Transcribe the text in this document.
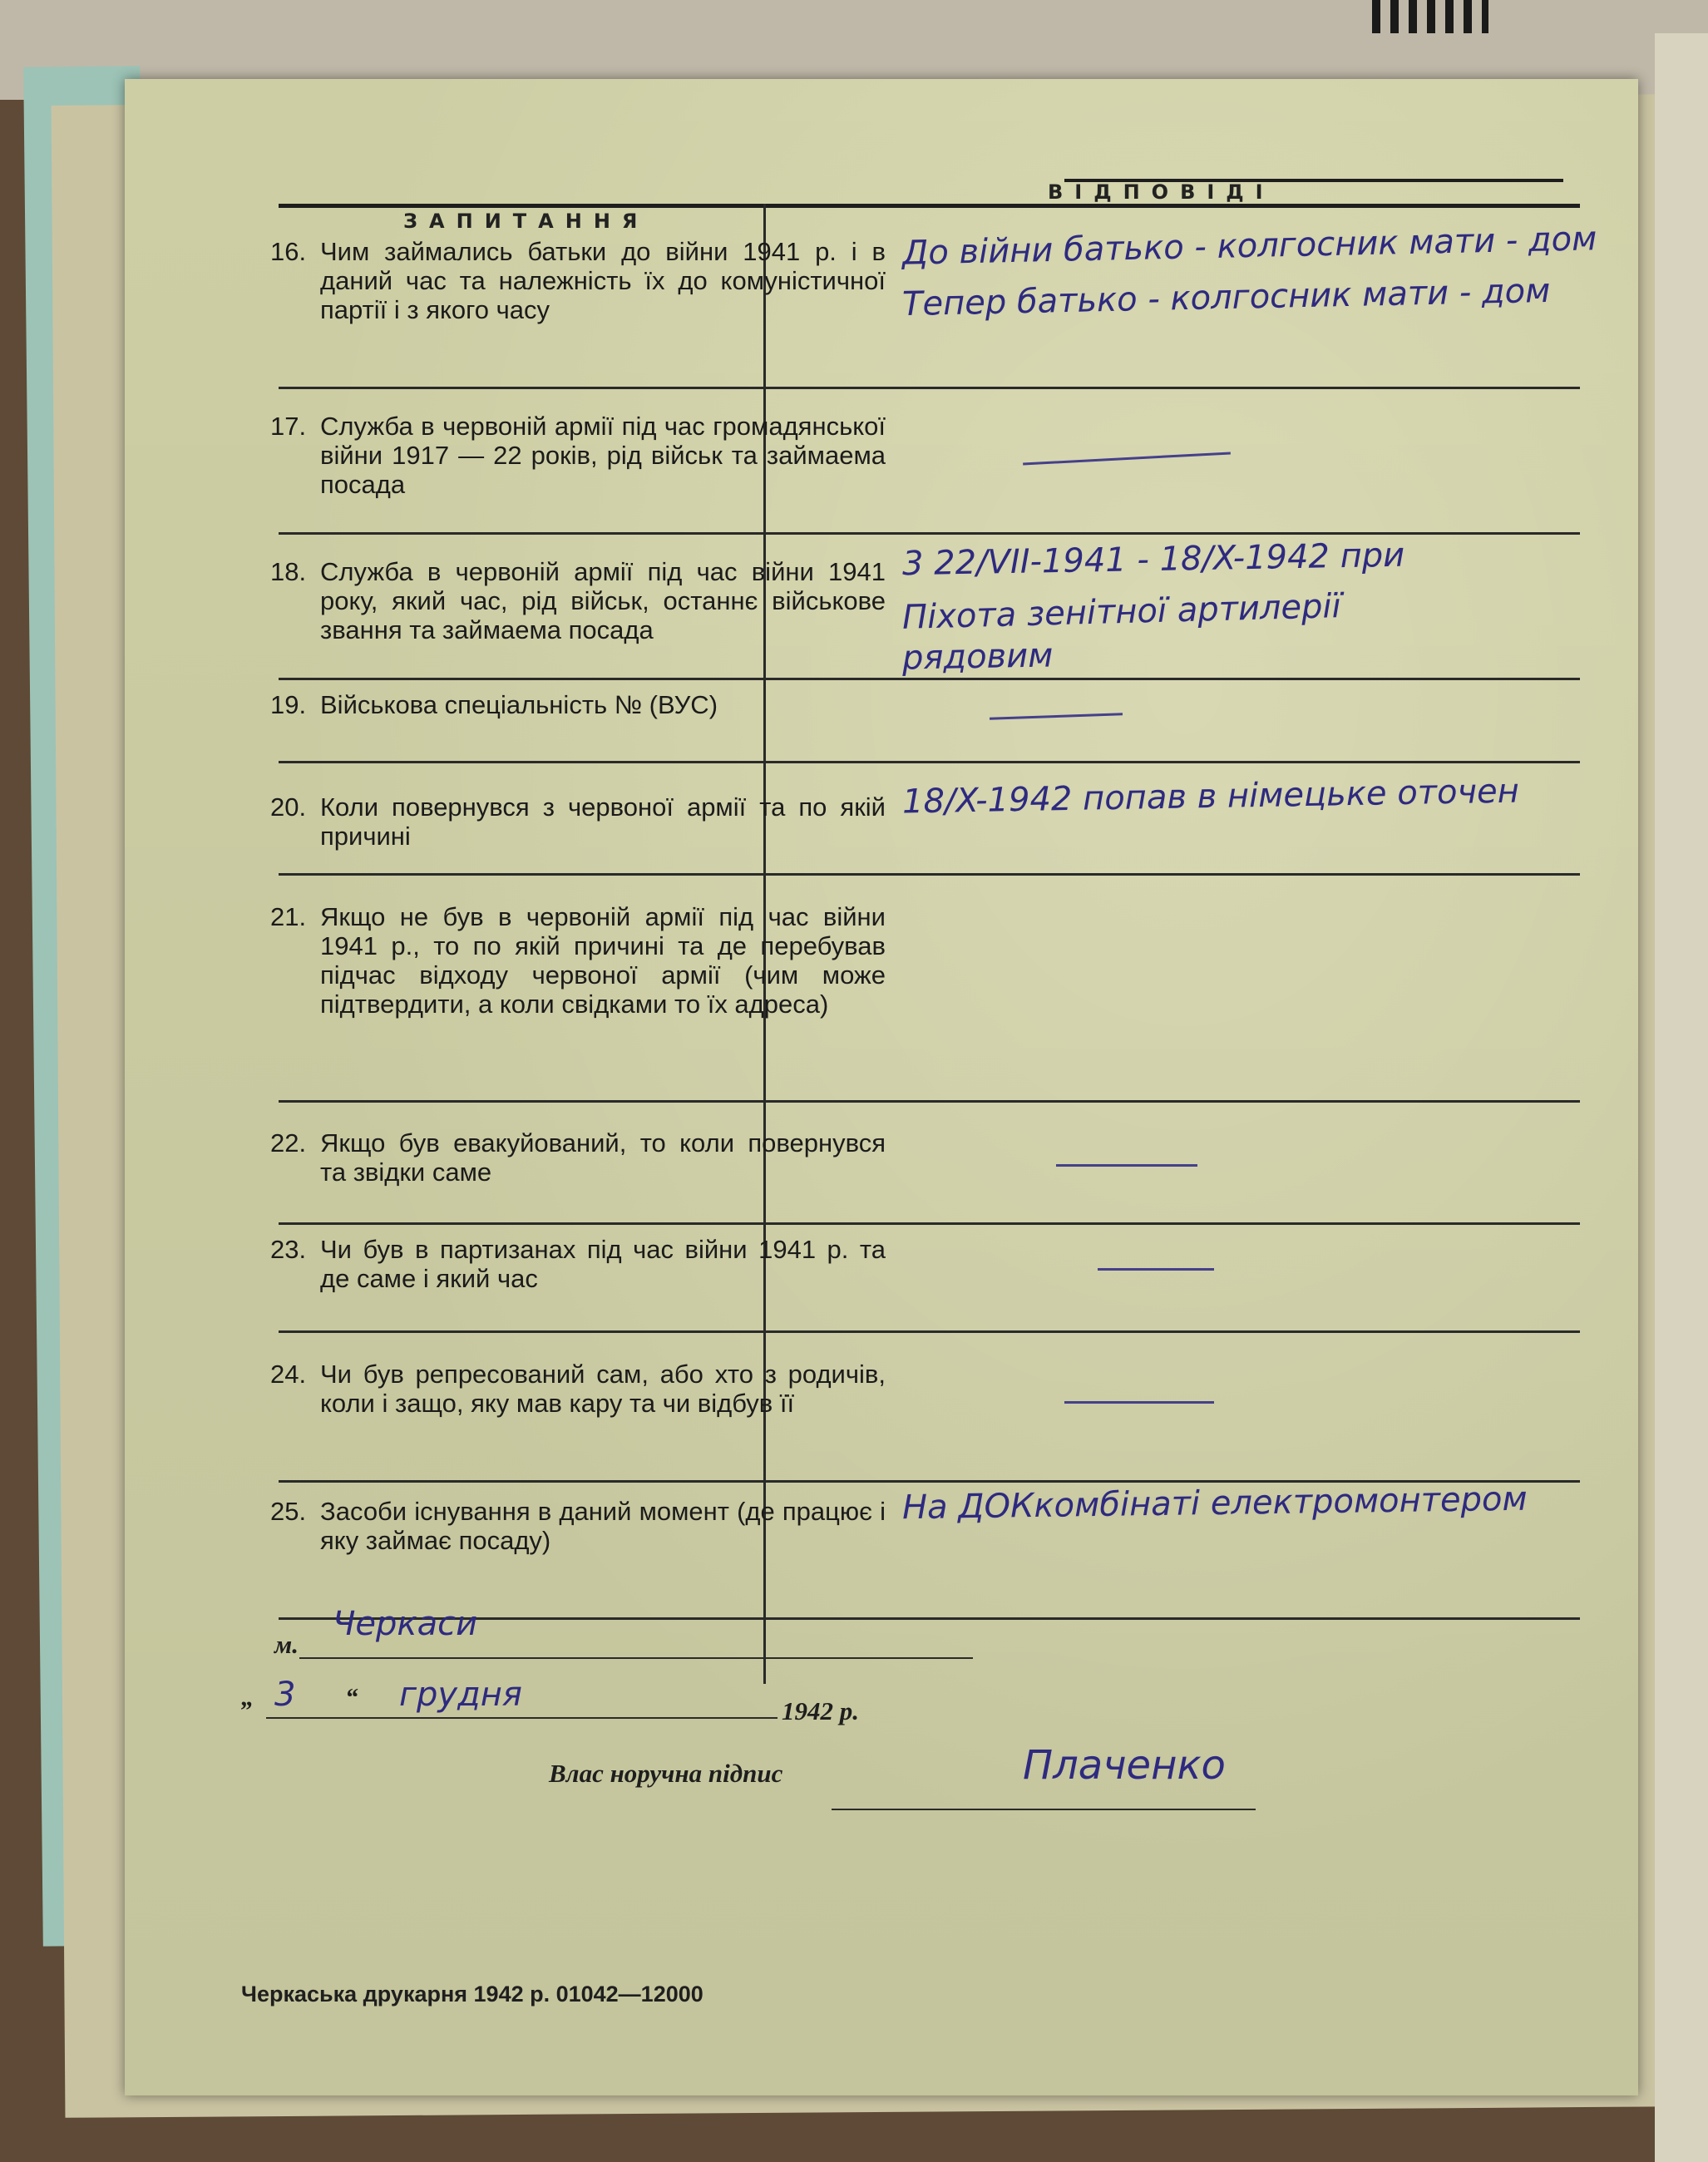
ЗАПИТАННЯ
ВІДПОВІДІ
16. Чим займались батьки до війни 1941 р. і в даний час та належність їх до комуністичної партії і з якого часу
17. Служба в червоній армії під час громадянської війни 1917 — 22 років, рід військ та займаема посада
18. Служба в червоній армії під час війни 1941 року, який час, рід військ, останнє військове звання та займаема посада
19. Військова спеціальність № (ВУС)
20. Коли повернувся з червоної армії та по якій причині
21. Якщо не був в червоній армії під час війни 1941 р., то по якій причині та де перебував підчас відходу червоної армії (чим може підтвердити, а коли свідками то їх адреса)
22. Якщо був евакуйований, то коли повернувся та звідки саме
23. Чи був в партизанах під час війни 1941 р. та де саме і який час
24. Чи був репресований сам, або хто з родичів, коли і защо, яку мав кару та чи відбув її
25. Засоби існування в даний момент (де працює і яку займає посаду)
До війни батько - колгосник мати - дом
Тепер батько - колгосник мати - дом
3 22/VII-1941 - 18/X-1942 при
Піхота зенітної артилерії
рядовим
18/X-1942 попав в німецьке оточен
На ДОКкомбінаті електромонтером
м.
Черкаси
„ 3 “ грудня	1942 р.
Влас норучна підпис	Плаченко
Черкаська друкарня 1942 р. 01042—12000
